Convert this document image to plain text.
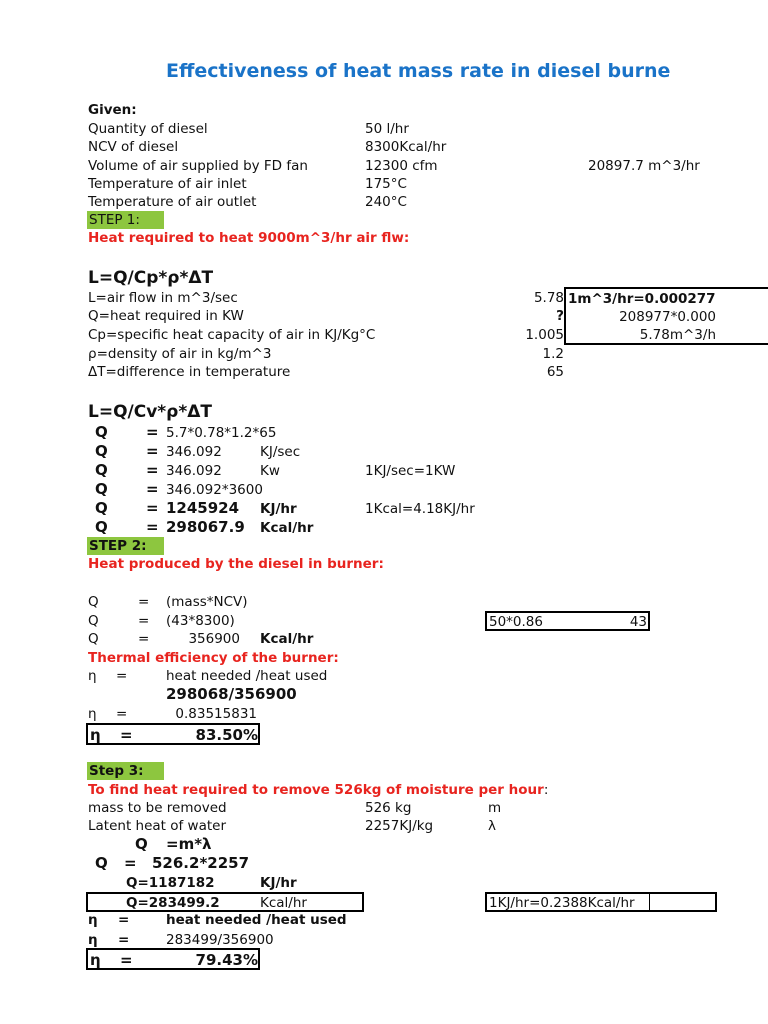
Effectiveness of heat mass rate in diesel burne
Given:
Quantity of diesel	50 l/hr
NCV of diesel	8300Kcal/hr
Volume of air supplied by FD fan	12300 cfm	20897.7 m^3/hr
Temperature of air inlet	175°C
Temperature of air outlet	240°C
STEP 1:
Heat required to heat 9000m^3/hr air flw:
L=Q/Cp*ρ*ΔT
L=air flow in m^3/sec	5.78
Q=heat required in KW	?
Cp=specific heat capacity of air in KJ/Kg°C	1.005
ρ=density of air in kg/m^3	1.2
ΔT=difference in temperature	65
1m^3/hr=0.000277
208977*0.000
5.78m^3/h
L=Q/Cv*ρ*ΔT
Q	= 5.7*0.78*1.2*65
Q	= 346.092	KJ/sec
Q	= 346.092	Kw	1KJ/sec=1KW
Q	= 346.092*3600
Q	= 1245924 KJ/hr	1Kcal=4.18KJ/hr
Q	= 298067.9 Kcal/hr
STEP 2:
Heat produced by the diesel in burner:
Q	= (mass*NCV)
Q	= (43*8300)
Q	=	356900 Kcal/hr
50*0.86	43
Thermal efficiency of the burner:
η =	heat needed /heat used
298068/356900
η =	0.83515831
η =	83.50%
Step 3:
To find heat required to remove 526kg of moisture per hour:
mass to be removed	526 kg	m
Latent heat of water	2257KJ/kg	λ
Q =m*λ
Q = 526.2*2257
Q=1187182	KJ/hr
Q=283499.2	Kcal/hr	1KJ/hr=0.2388Kcal/hr
η =	heat needed /heat used
η =	283499/356900
η =	79.43%
